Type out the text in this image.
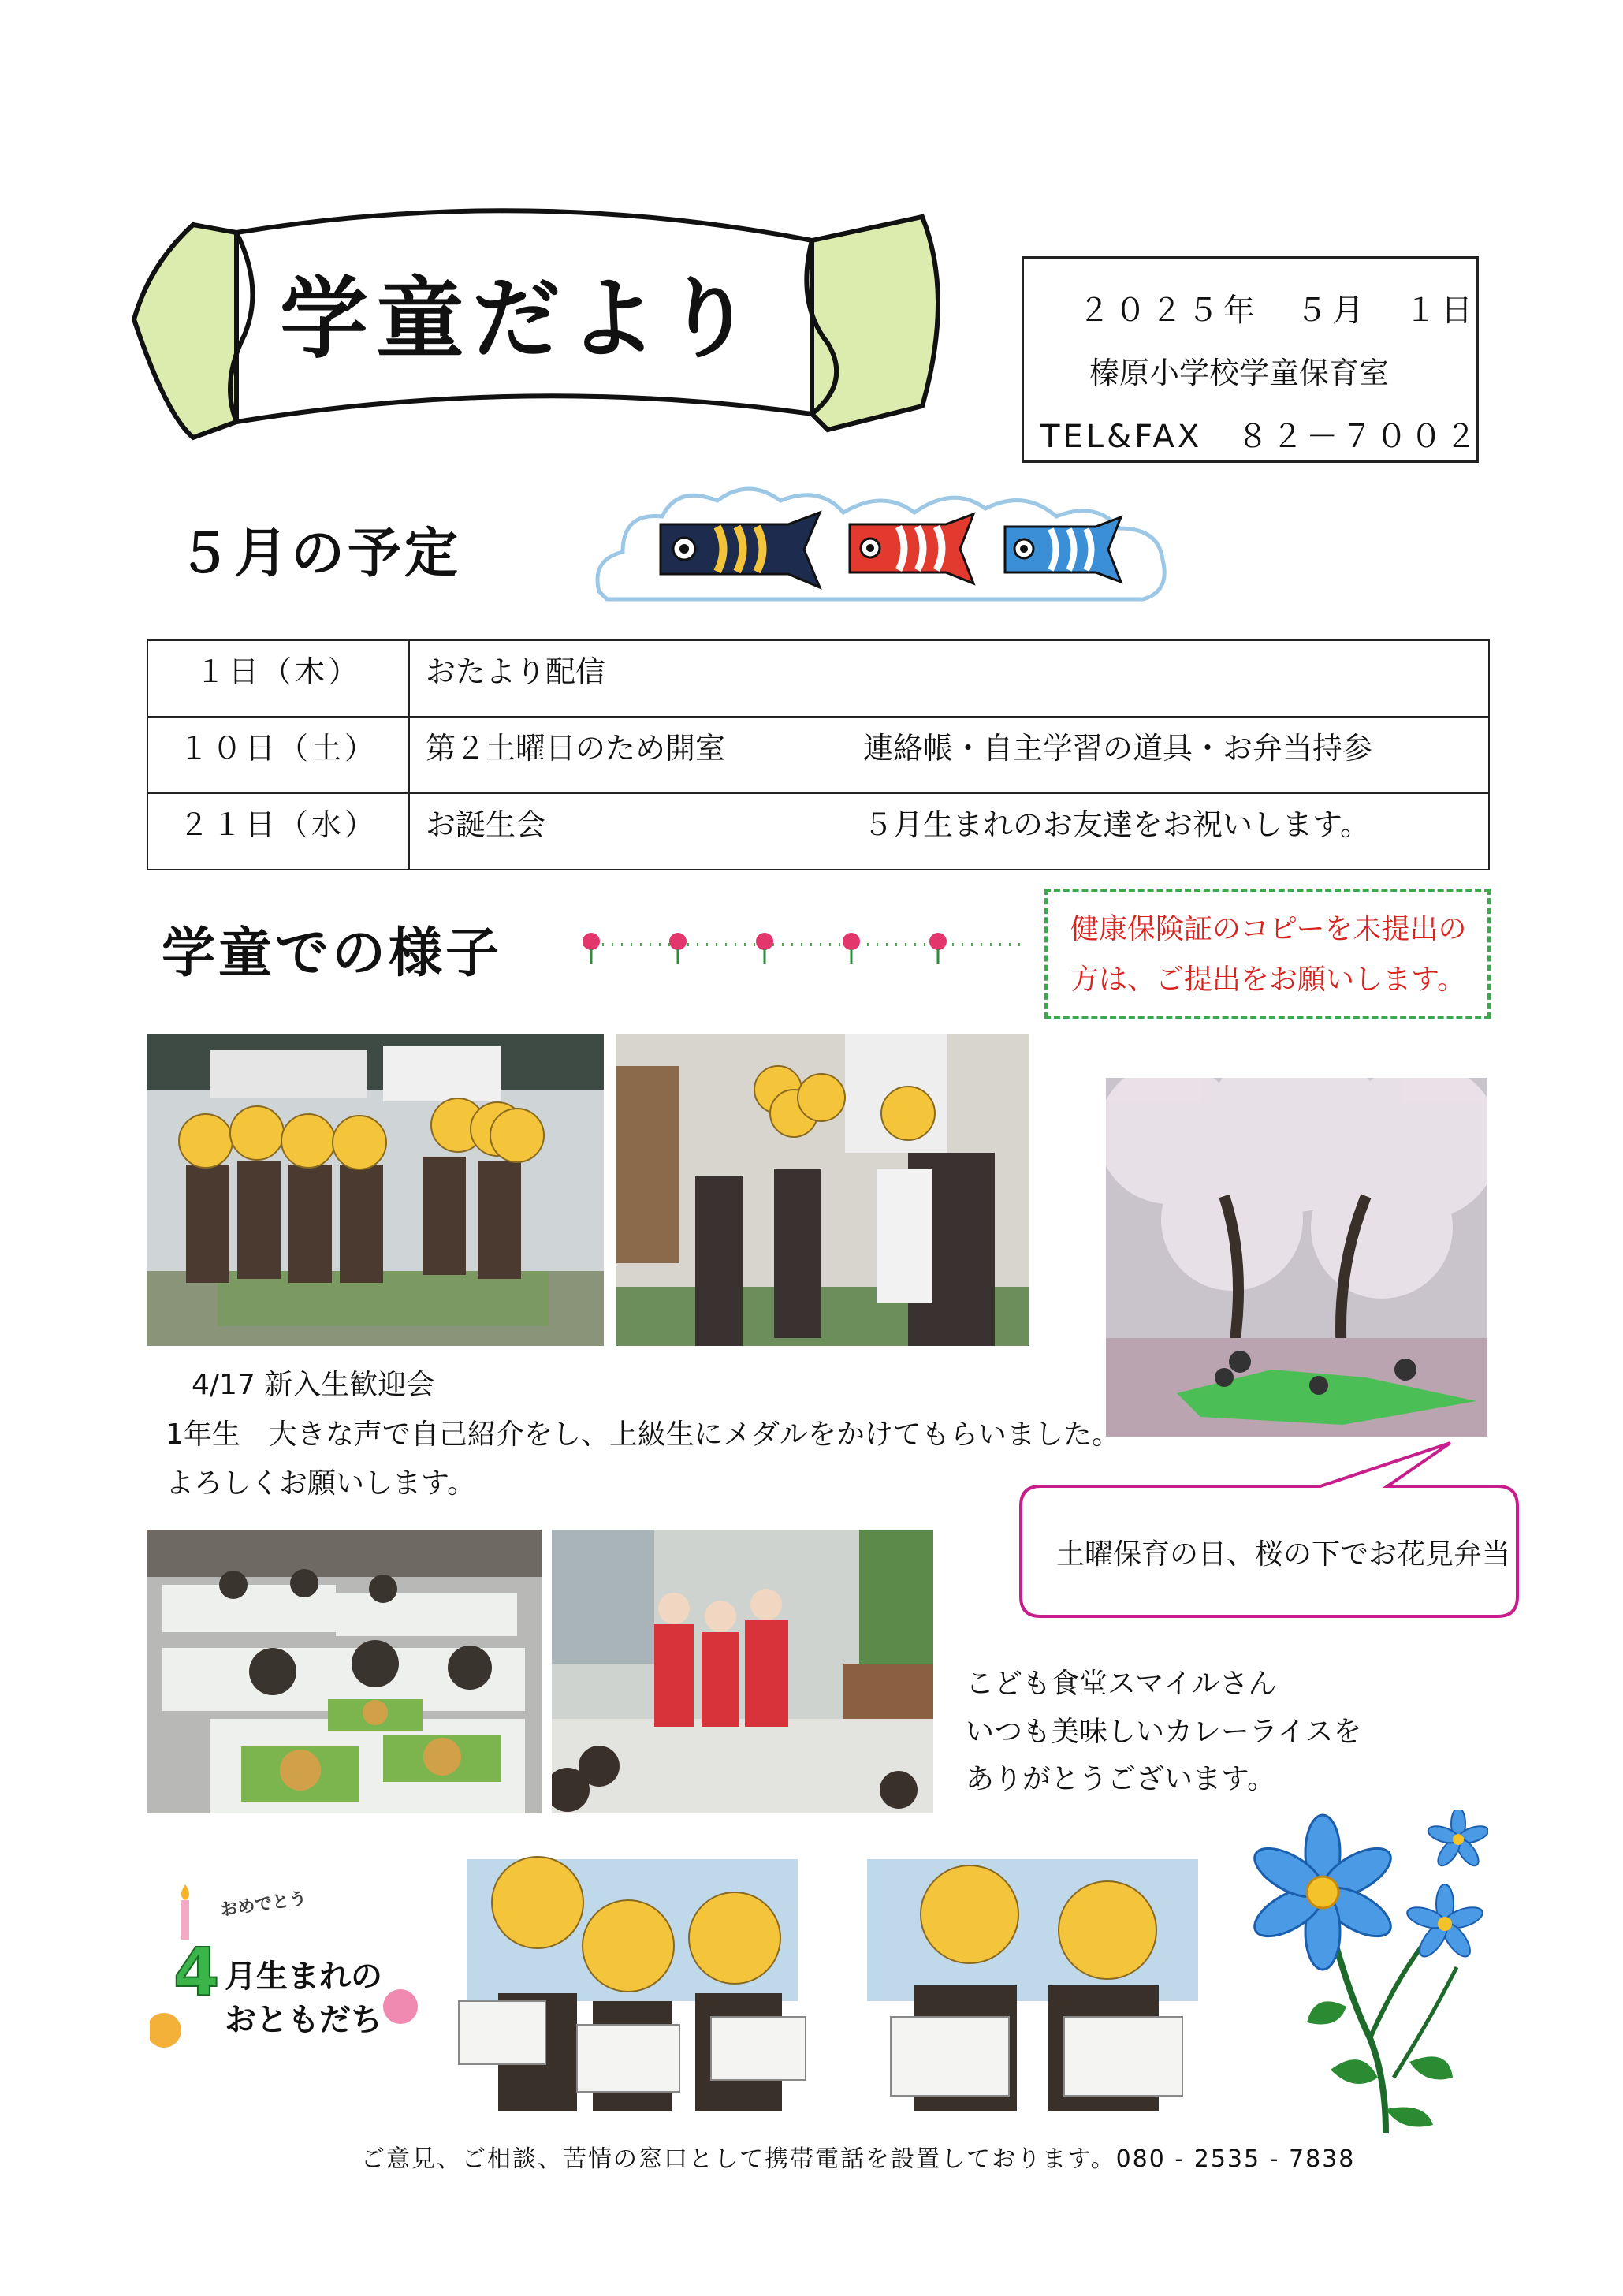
学童だより	２０２５年　５月　１日
榛原小学校学童保育室
TEL&FAX　８２－７００２
５月の予定
１日（木）	おたより配信
１０日（土）	第２土曜日のため開室 連絡帳・自主学習の道具・お弁当持参
２１日（水）	お誕生会 ５月生まれのお友達をお祝いします。
学童での様子	健康保険証のコピーを未提出の
方は、ご提出をお願いします。
4/17 新入生歓迎会
1年生　大きな声で自己紹介をし、上級生にメダルをかけてもらいました。
よろしくお願いします。
土曜保育の日、桜の下でお花見弁当
こども食堂スマイルさん
いつも美味しいカレーライスを
ありがとうございます。
おめでとう
4 月生まれの
おともだち
ご意見、ご相談、苦情の窓口として携帯電話を設置しております。080 - 2535 - 7838
